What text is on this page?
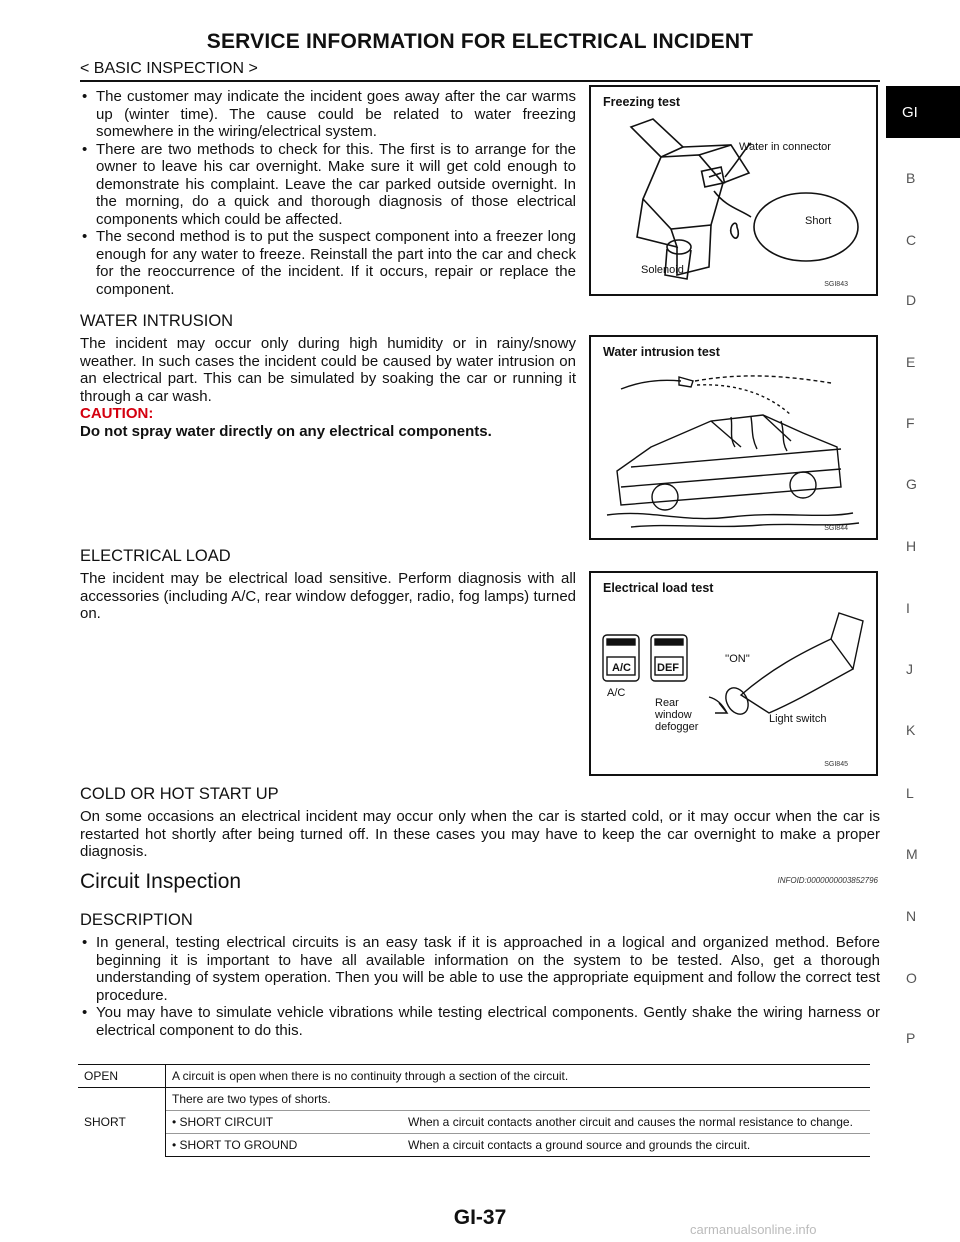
SERVICE INFORMATION FOR ELECTRICAL INCIDENT
< BASIC INSPECTION >
GI
B
C
D
E
F
G
H
I
J
K
L
M
N
O
P
• The customer may indicate the incident goes away after the car warms up (winter time). The cause could be related to water freezing somewhere in the wiring/electrical system.
• There are two methods to check for this. The first is to arrange for the owner to leave his car overnight. Make sure it will get cold enough to demonstrate his complaint. Leave the car parked outside overnight. In the morning, do a quick and thorough diagnosis of those electrical components which could be affected.
• The second method is to put the suspect component into a freezer long enough for any water to freeze. Reinstall the part into the car and check for the reoccurrence of the incident. If it occurs, repair or replace the component.
WATER INTRUSION
The incident may occur only during high humidity or in rainy/snowy weather. In such cases the incident could be caused by water intrusion on an electrical part. This can be simulated by soaking the car or running it through a car wash.
CAUTION:
Do not spray water directly on any electrical components.
ELECTRICAL LOAD
The incident may be electrical load sensitive. Perform diagnosis with all accessories (including A/C, rear window defogger, radio, fog lamps) turned on.
COLD OR HOT START UP
On some occasions an electrical incident may occur only when the car is started cold, or it may occur when the car is restarted hot shortly after being turned off. In these cases you may have to keep the car overnight to make a proper diagnosis.
Circuit Inspection	INFOID:0000000003852796
DESCRIPTION
• In general, testing electrical circuits is an easy task if it is approached in a logical and organized method. Before beginning it is important to have all available information on the system to be tested. Also, get a thorough understanding of system operation. Then you will be able to use the appropriate equipment and follow the correct test procedure.
• You may have to simulate vehicle vibrations while testing electrical components. Gently shake the wiring harness or electrical component to do this.
Freezing test
Water in connector
Short
Solenoid
SGI843
Water intrusion test
SGI844
Electrical load test
A/C DEF
A/C
Rear window defogger
''ON''
Light switch
SGI845
OPEN	A circuit is open when there is no continuity through a section of the circuit.	
SHORT	There are two types of shorts.	
	• SHORT CIRCUIT	When a circuit contacts another circuit and causes the normal resistance to change.
	• SHORT TO GROUND	When a circuit contacts a ground source and grounds the circuit.
GI-37
carmanualsonline.info
